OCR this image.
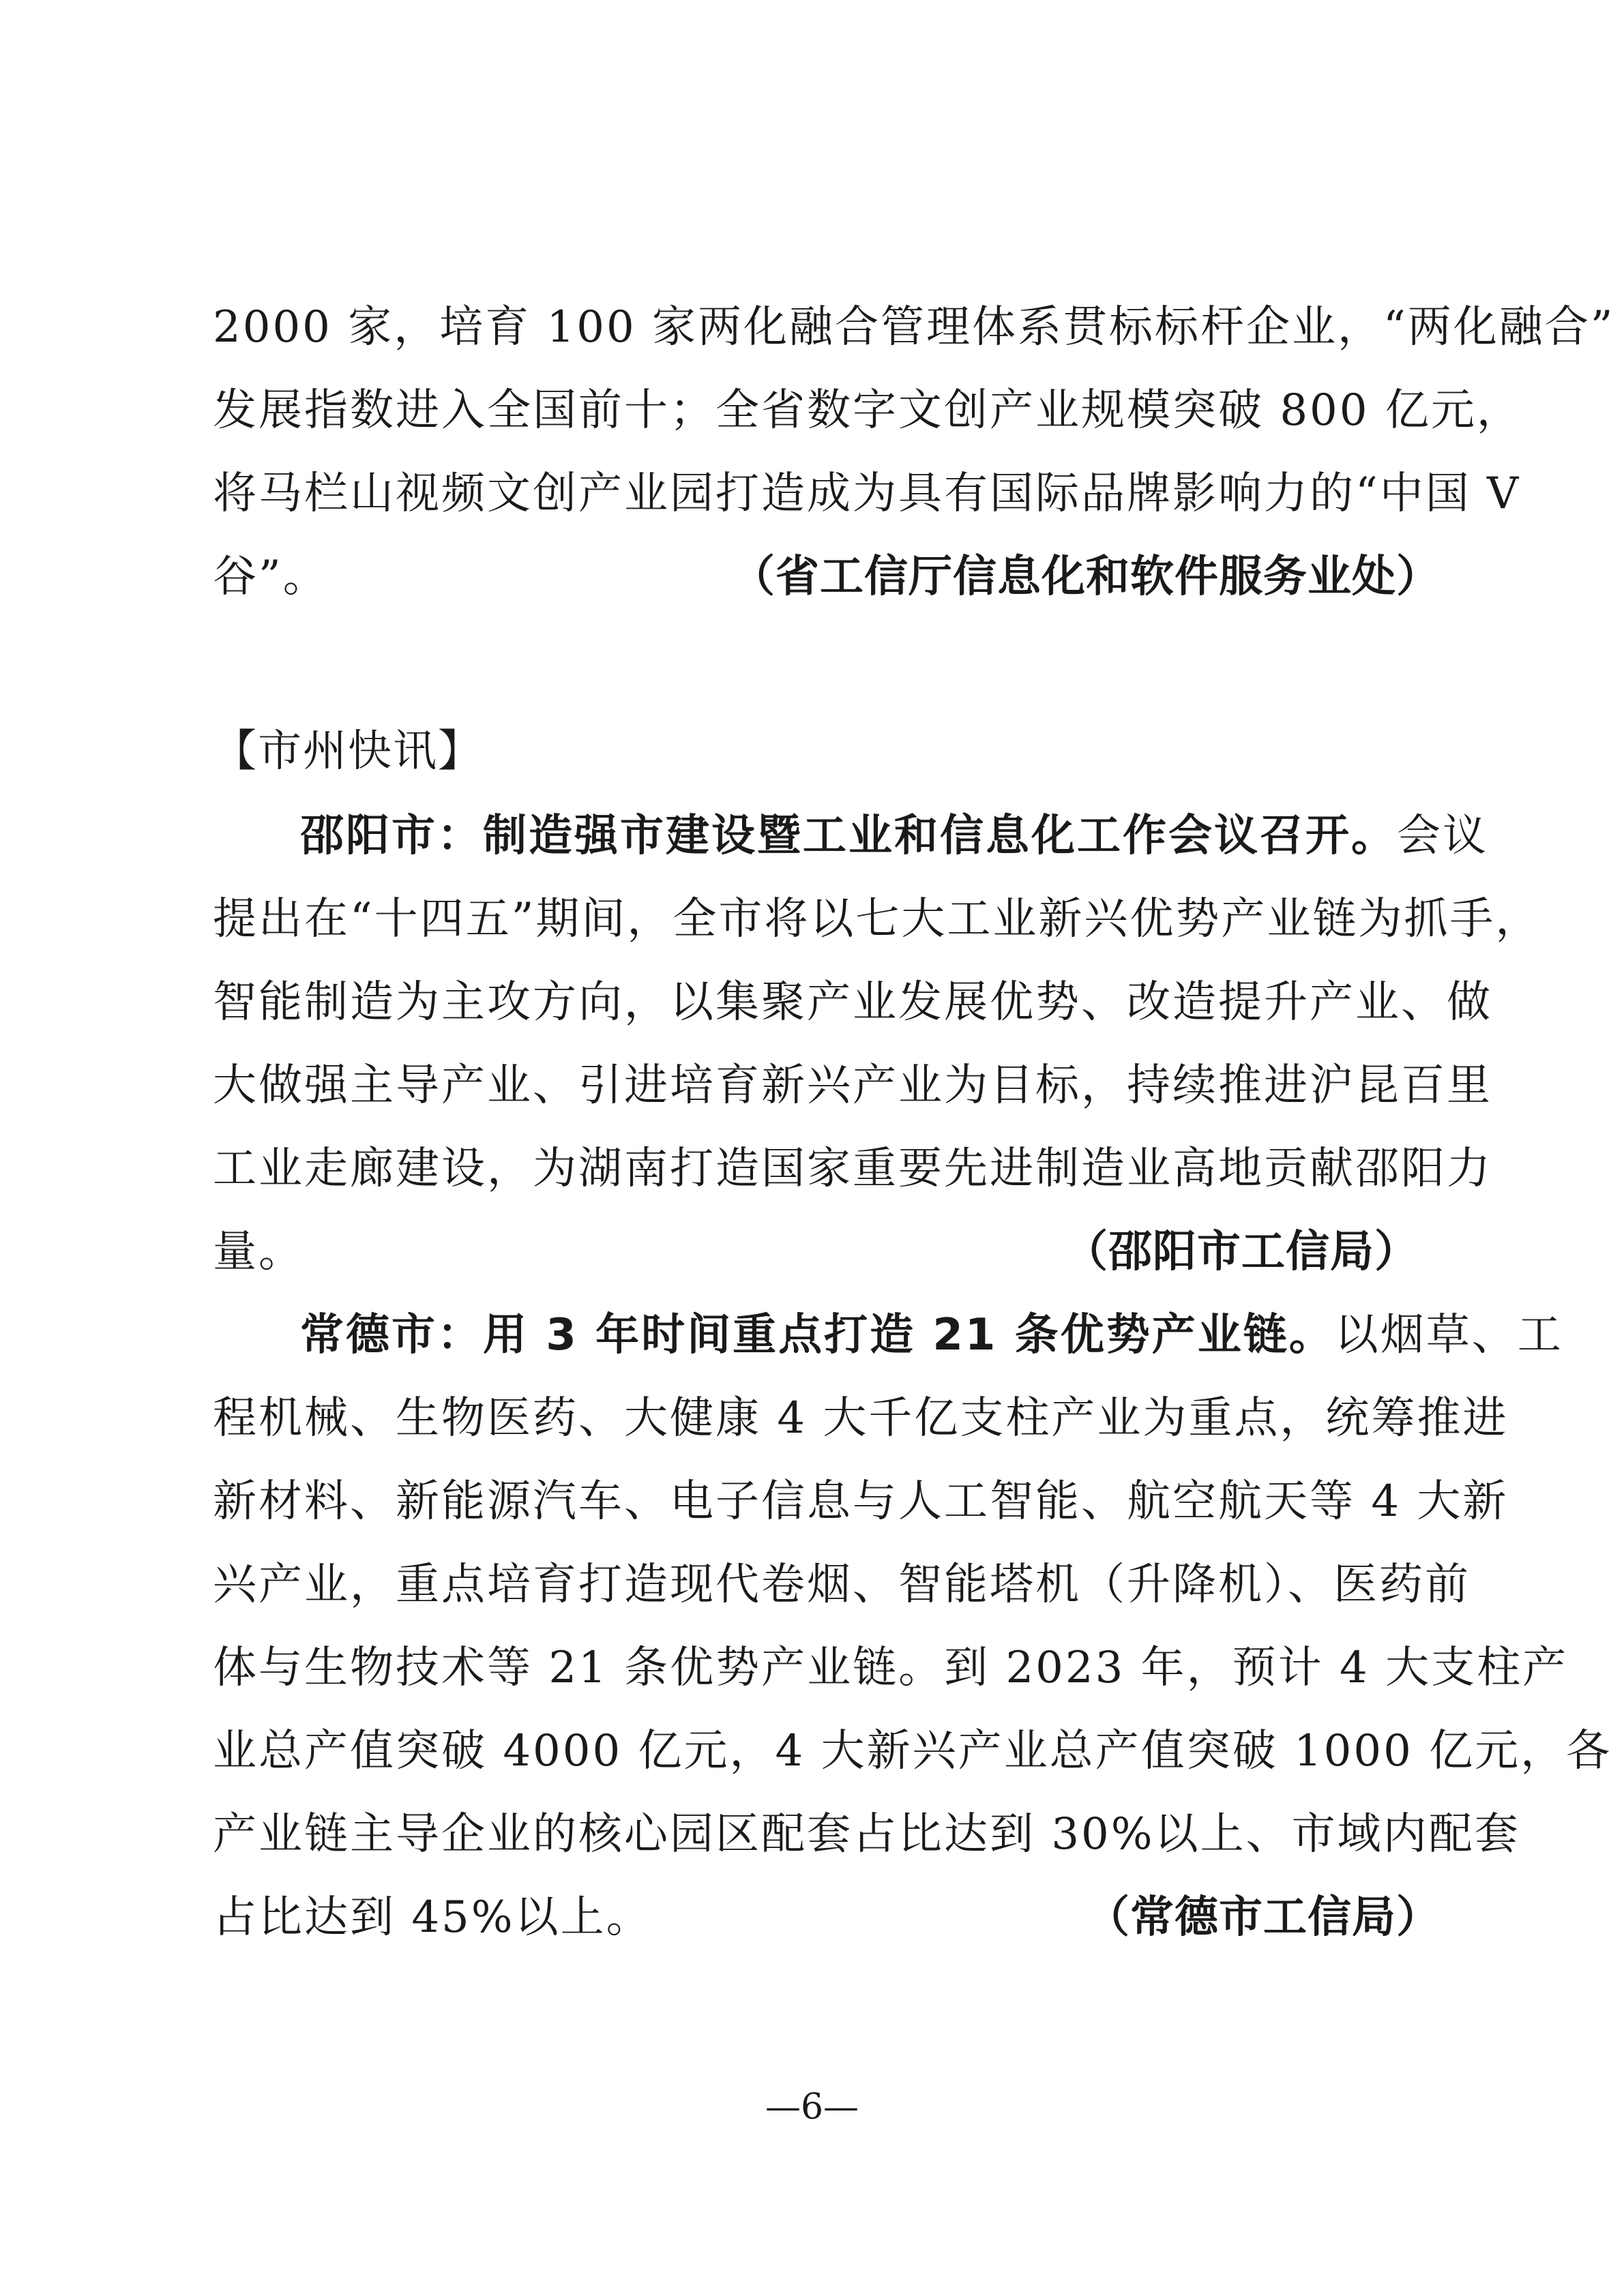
2000 家，培育 100 家两化融合管理体系贯标标杆企业，“两化融合”
发展指数进入全国前十；全省数字文创产业规模突破 800 亿元，
将马栏山视频文创产业园打造成为具有国际品牌影响力的“中国 V
谷”。	（省工信厅信息化和软件服务业处）
【市州快讯】
邵阳市：制造强市建设暨工业和信息化工作会议召开。会议
提出在“十四五”期间，全市将以七大工业新兴优势产业链为抓手，
智能制造为主攻方向，以集聚产业发展优势、改造提升产业、做
大做强主导产业、引进培育新兴产业为目标，持续推进沪昆百里
工业走廊建设，为湖南打造国家重要先进制造业高地贡献邵阳力
量。	（邵阳市工信局）
常德市：用 3 年时间重点打造 21 条优势产业链。以烟草、工
程机械、生物医药、大健康 4 大千亿支柱产业为重点，统筹推进
新材料、新能源汽车、电子信息与人工智能、航空航天等 4 大新
兴产业，重点培育打造现代卷烟、智能塔机（升降机）、医药前
体与生物技术等 21 条优势产业链。到 2023 年，预计 4 大支柱产
业总产值突破 4000 亿元，4 大新兴产业总产值突破 1000 亿元，各
产业链主导企业的核心园区配套占比达到 30%以上、市域内配套
占比达到 45%以上。	（常德市工信局）
—6—
